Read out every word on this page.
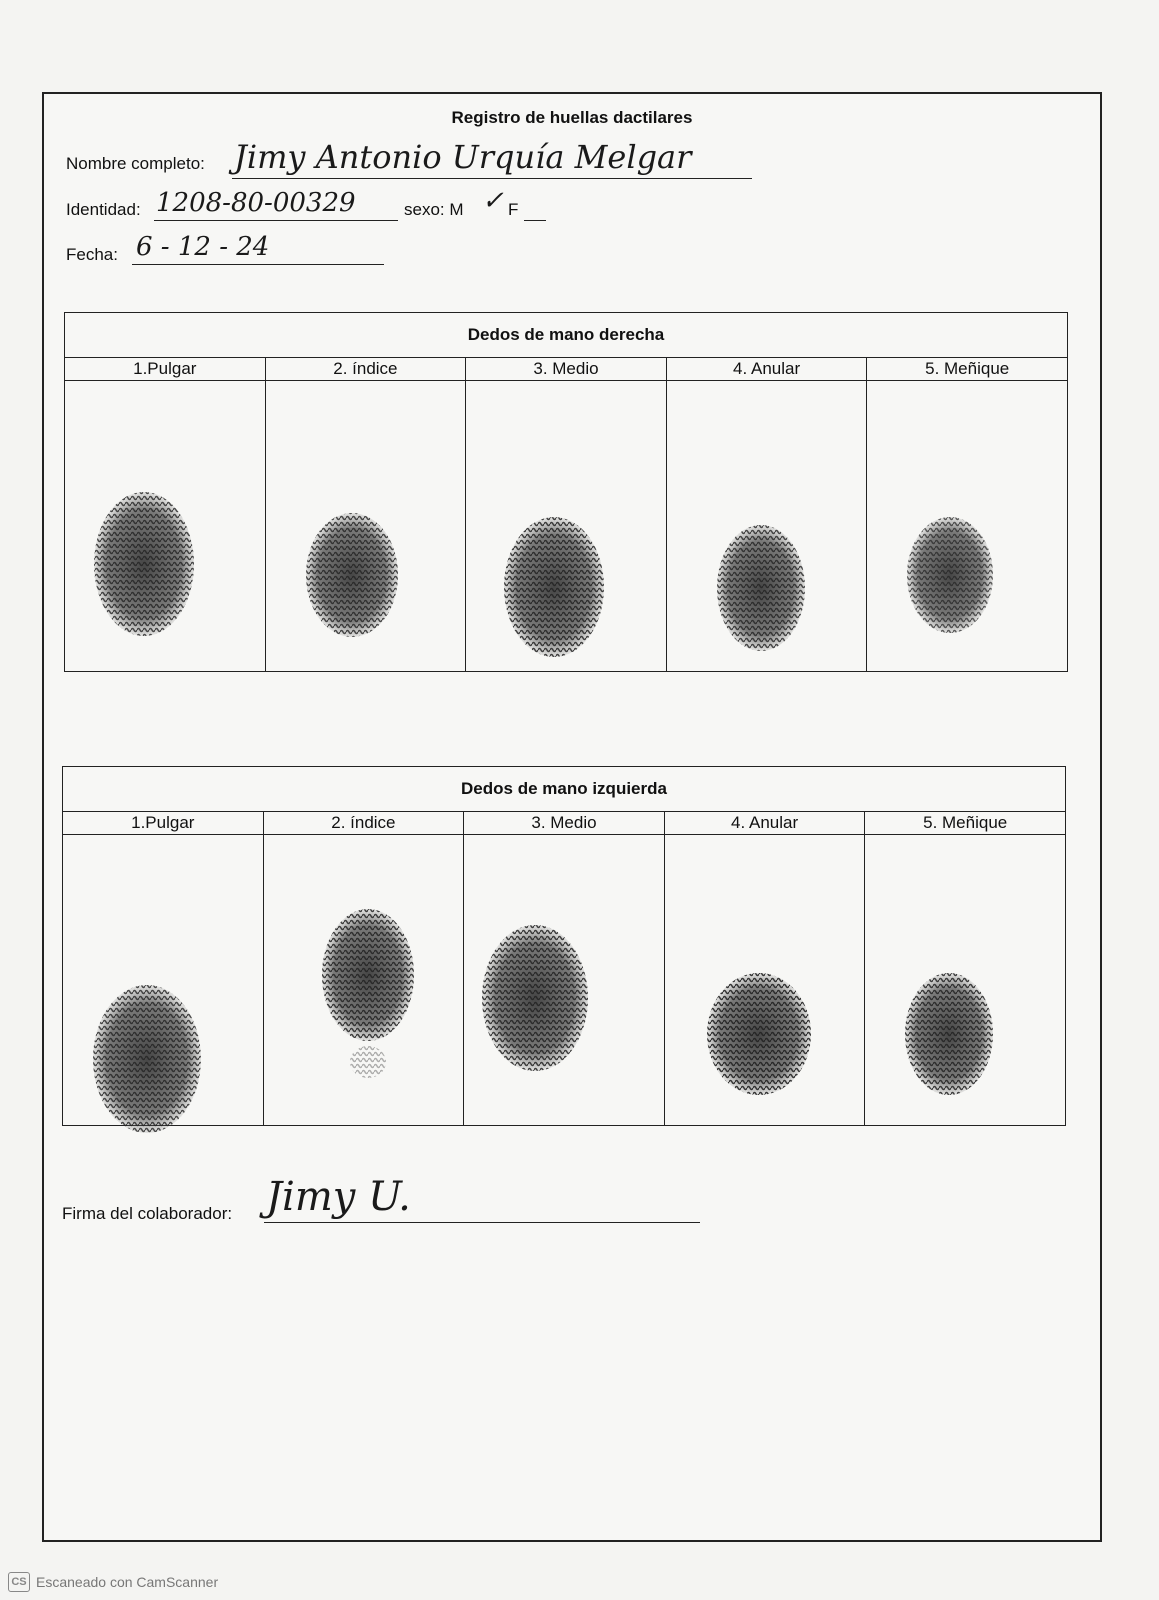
Registro de huellas dactilares
Nombre completo: Jimy Antonio Urquía Melgar
Identidad: 1208-80-00329	sexo: M ✓ F
Fecha: 6 - 12 - 24
Dedos de mano derecha				
1.Pulgar	2. índice	3. Medio	4. Anular	5. Meñique

Dedos de mano izquierda				
1.Pulgar	2. índice	3. Medio	4. Anular	5. Meñique

Firma del colaborador: Jimy U.
CS Escaneado con CamScanner
